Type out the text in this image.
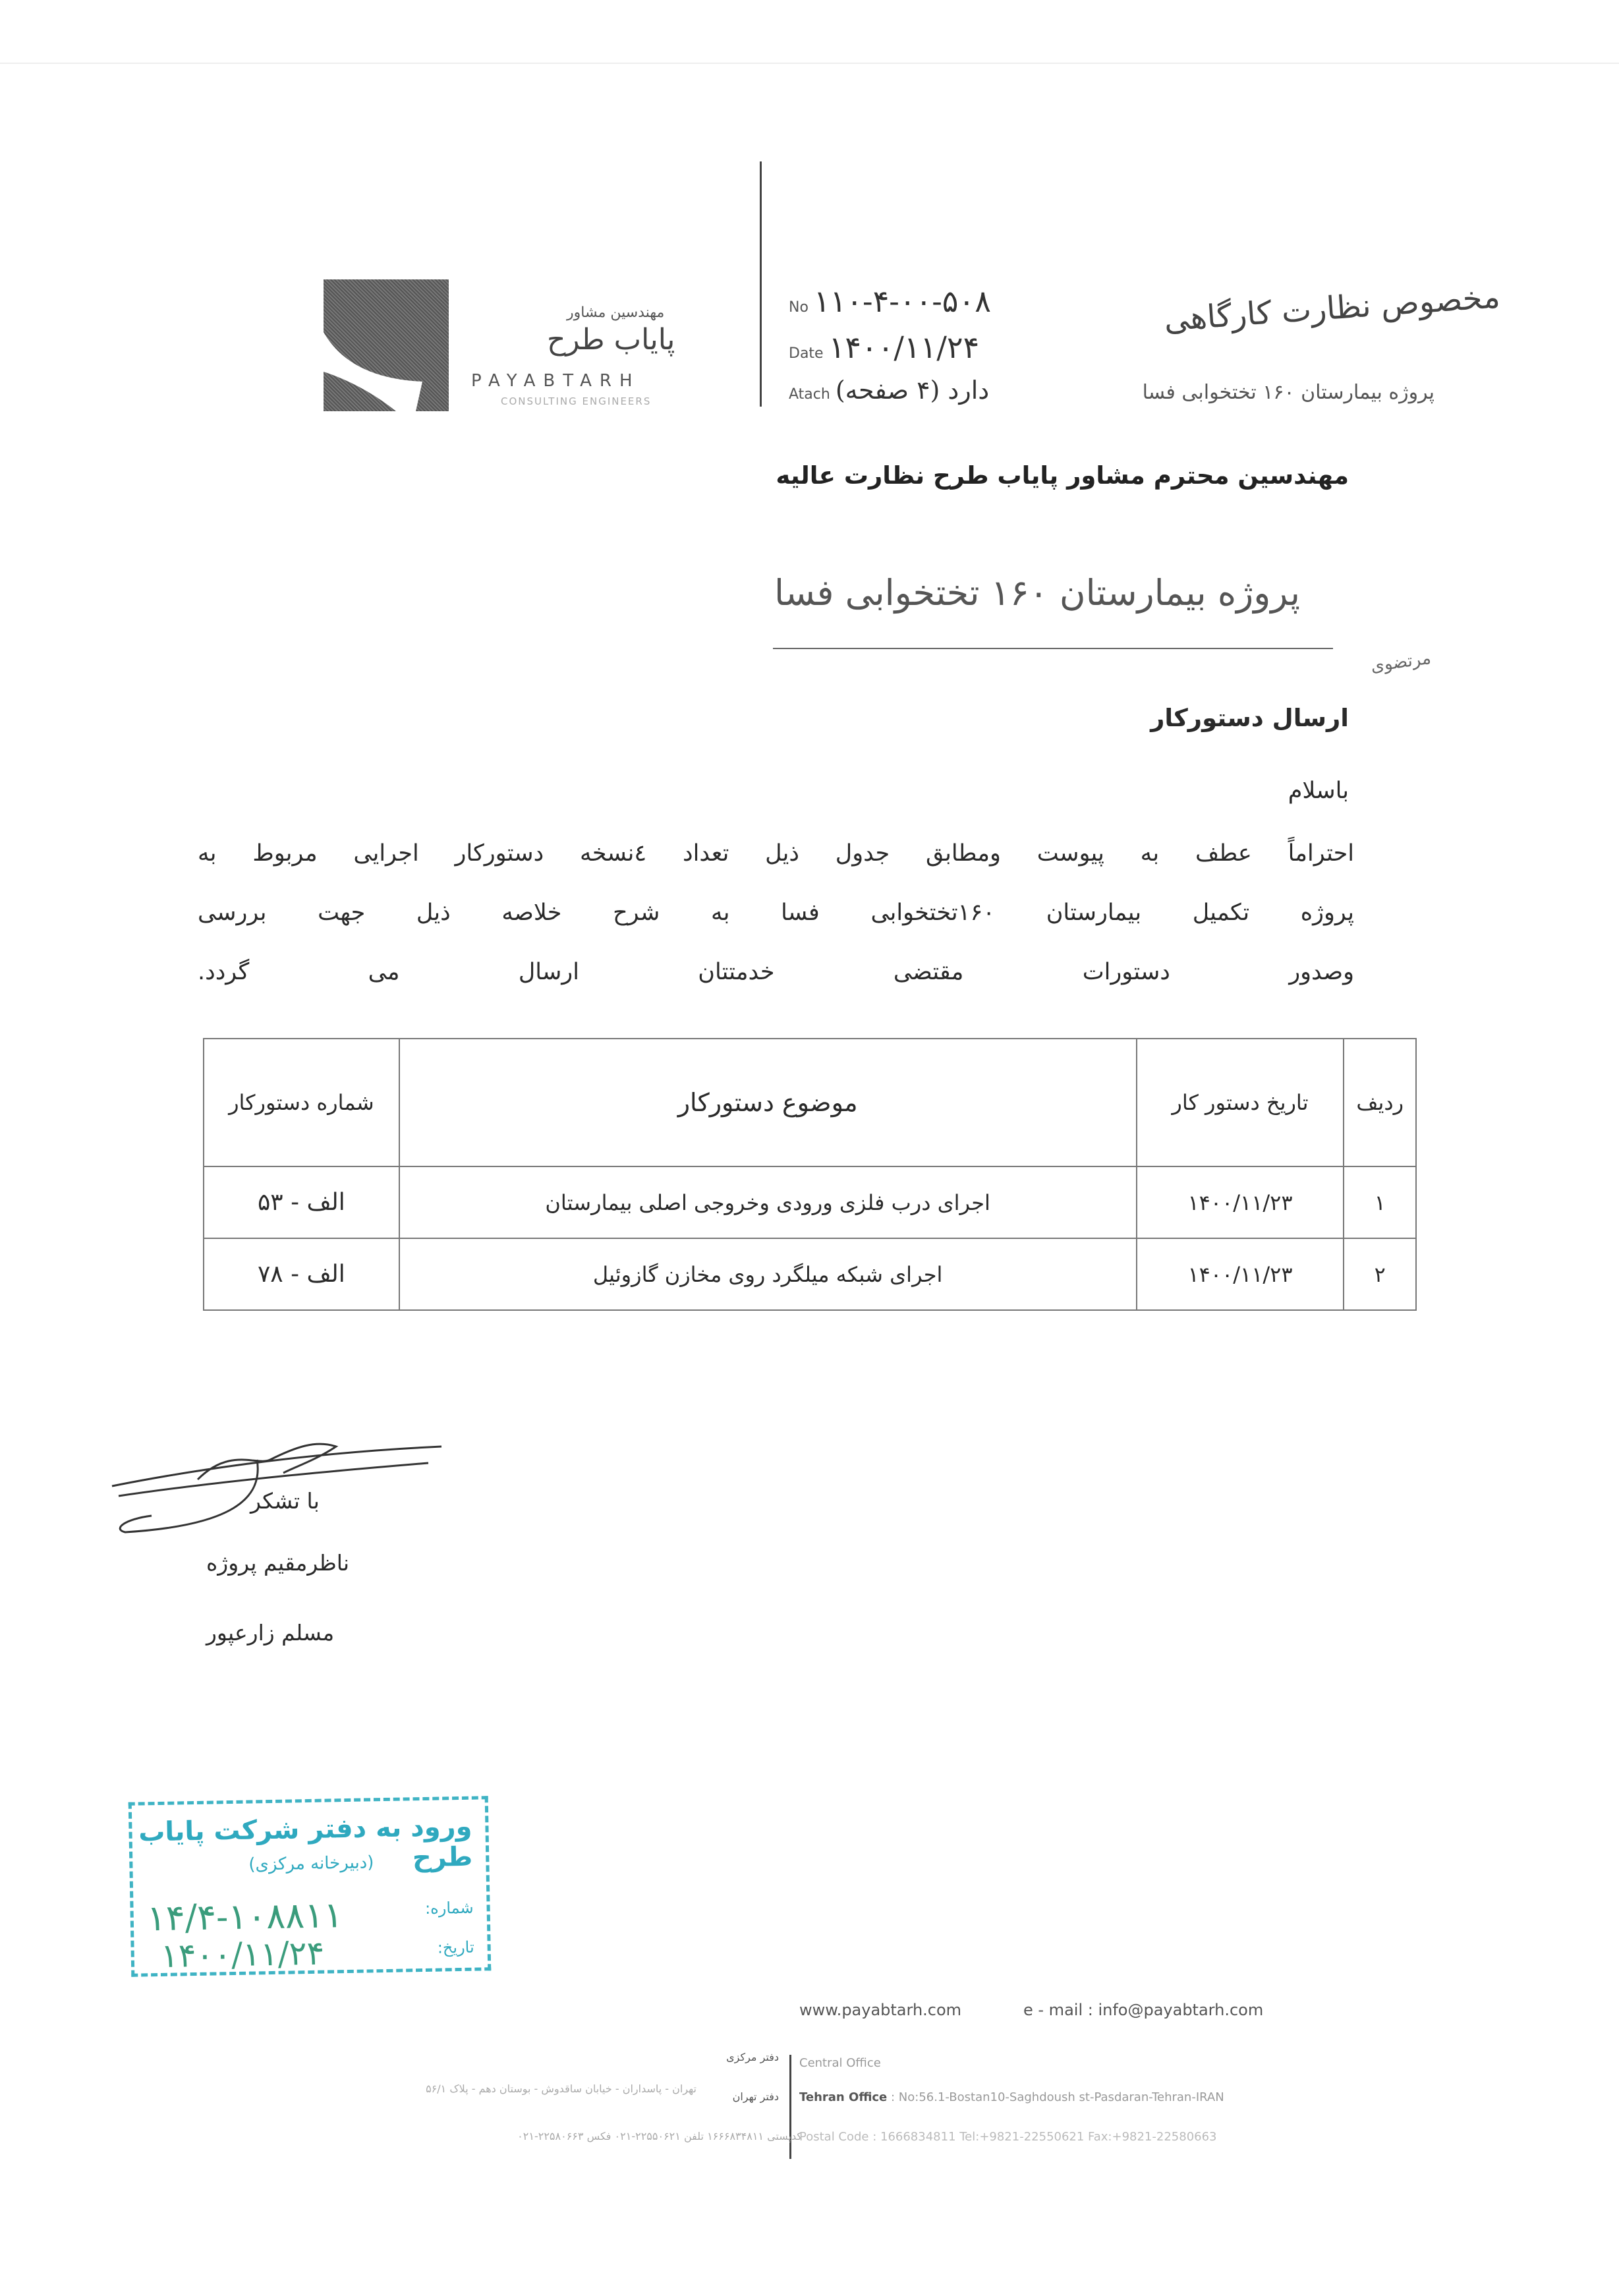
مهندسین مشاور
پایاب طرح
PAYABTARH
CONSULTING ENGINEERS
No ۱۱۰-۴-۰۰-۵۰۸
Date ۱۴۰۰/۱۱/۲۴
Atach دارد (۴ صفحه)
مخصوص نظارت کارگاهی
پروژه بیمارستان ۱۶۰ تختخوابی فسا
مهندسین محترم مشاور پایاب طرح نظارت عالیه
پروژه بیمارستان ۱۶۰ تختخوابی فسا
مرتضوی
ارسال دستورکار
باسلام
احتراماً عطف به پیوست ومطابق جدول ذیل تعداد ٤نسخه دستورکار اجرایی مربوط به
پروژه تکمیل بیمارستان ۱۶۰تختخوابی فسا به شرح خلاصه ذیل جهت بررسی
وصدور دستورات مقتضی خدمتتان ارسال می گردد.
ردیف	تاریخ دستور کار	موضوع دستورکار	شماره دستورکار
۱	۱۴۰۰/۱۱/۲۳	اجرای درب فلزی ورودی وخروجی اصلی بیمارستان	الف - ۵۳
۲	۱۴۰۰/۱۱/۲۳	اجرای شبکه میلگرد روی مخازن گازوئیل	الف - ۷۸
با تشکر
ناظرمقیم پروژه
مسلم زارعپور
ورود به دفتر شرکت پایاب طرح
(دبیرخانه مرکزی)
شماره:
تاریخ:
۱۴/۴-۱۰۸۸۱۱
۱۴۰۰/۱۱/۲۴
www.payabtarh.com	e - mail : info@payabtarh.com
دفتر مرکزی Central Office
دفتر تهران
تهران - پاسداران - خیابان ساقدوش - بوستان دهم - پلاک ۵۶/۱
Tehran Office : No:56.1-Bostan10-Saghdoush st-Pasdaran-Tehran-IRAN
کدپستی ۱۶۶۶۸۳۴۸۱۱ تلفن ۲۲۵۵۰۶۲۱-۰۲۱ فکس ۲۲۵۸۰۶۶۳-۰۲۱
Postal Code : 1666834811 Tel:+9821-22550621 Fax:+9821-22580663
